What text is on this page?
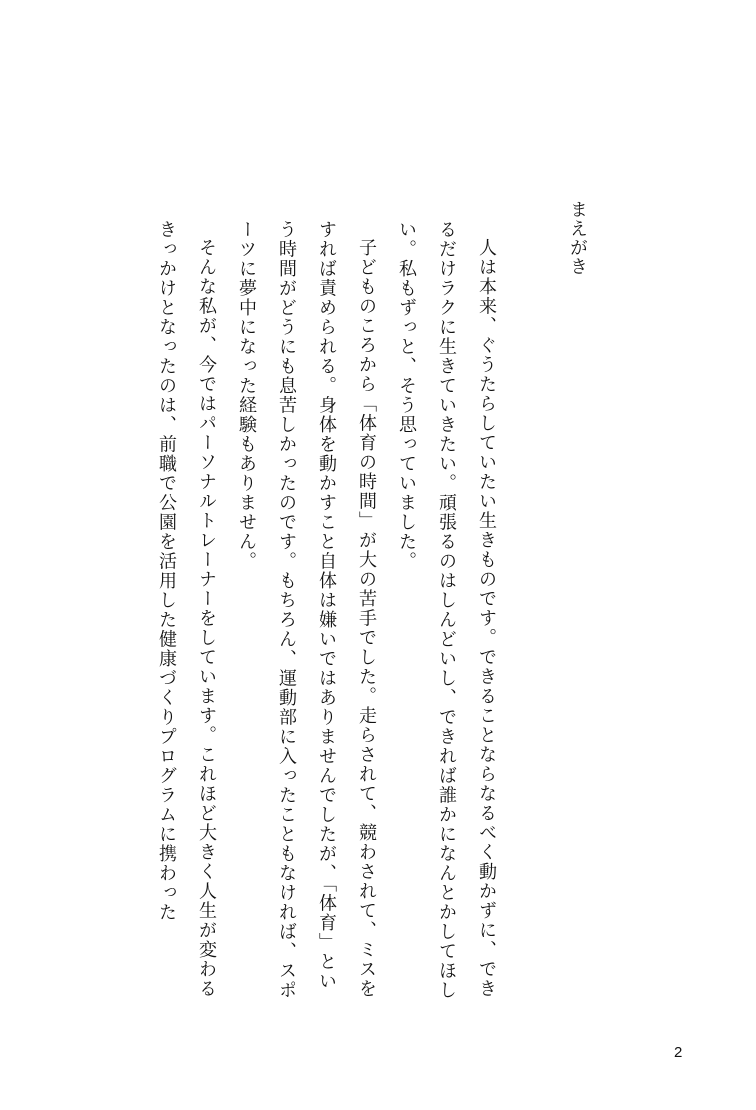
まえがき

人は本来、ぐうたらしていたい生きものです。できることならなるべく動かずに、できるだけラクに生きていきたい。頑張るのはしんどいし、できれば誰かになんとかしてほしい。私もずっと、そう思っていました。

子どものころから「体育の時間」が大の苦手でした。走らされて、競わされて、ミスをすれば責められる。身体を動かすこと自体は嫌いではありませんでしたが、「体育」という時間がどうにも息苦しかったのです。もちろん、運動部に入ったこともなければ、スポーツに夢中になった経験もありません。

そんな私が、今ではパーソナルトレーナーをしています。これほど大きく人生が変わるきっかけとなったのは、前職で公園を活用した健康づくりプログラムに携わった

2
